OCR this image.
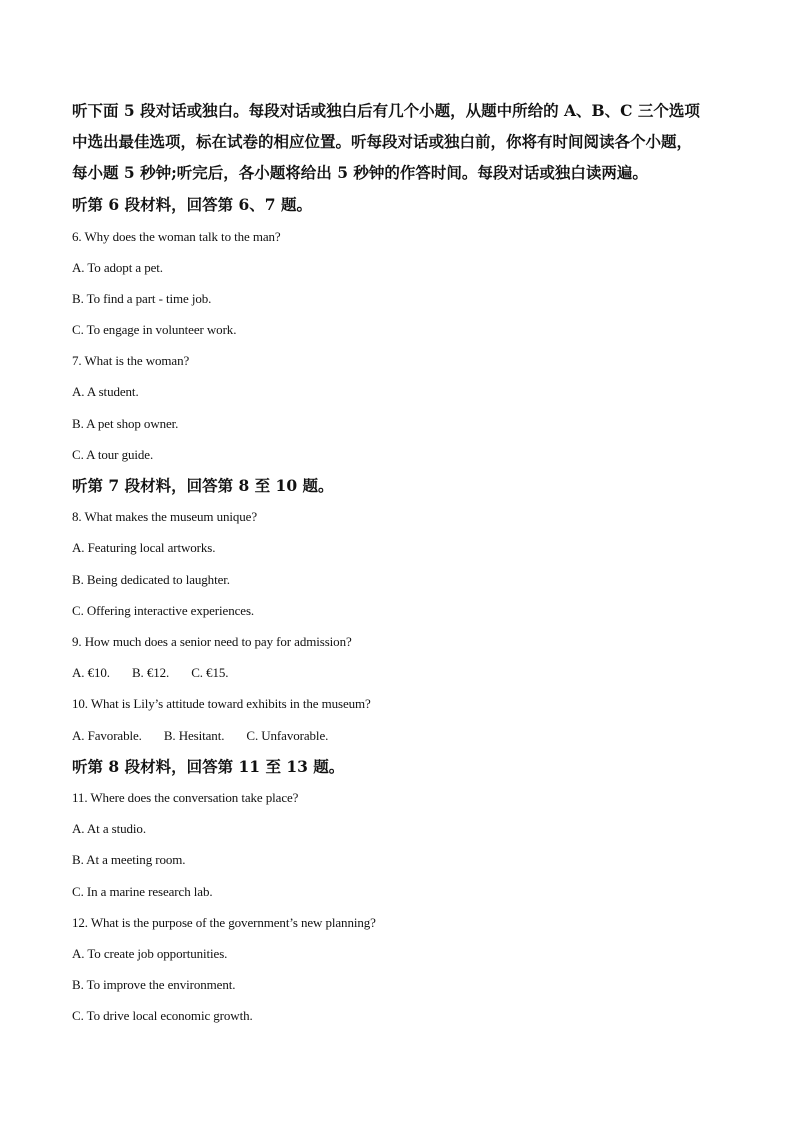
听下面 5 段对话或独白。每段对话或独白后有几个小题，从题中所给的 A、B、C 三个选项
中选出最佳选项，标在试卷的相应位置。听每段对话或独白前，你将有时间阅读各个小题，
每小题 5 秒钟;听完后，各小题将给出 5 秒钟的作答时间。每段对话或独白读两遍。
听第 6 段材料，回答第 6、7 题。
6. Why does the woman talk to the man?
A. To adopt a pet.
B. To find a part - time job.
C. To engage in volunteer work.
7. What is the woman?
A. A student.
B. A pet shop owner.
C. A tour guide.
听第 7 段材料，回答第 8 至 10 题。
8. What makes the museum unique?
A. Featuring local artworks.
B. Being dedicated to laughter.
C. Offering interactive experiences.
9. How much does a senior need to pay for admission?
A. €10. B. €12. C. €15.
10. What is Lily’s attitude toward exhibits in the museum?
A. Favorable. B. Hesitant. C. Unfavorable.
听第 8 段材料，回答第 11 至 13 题。
11. Where does the conversation take place?
A. At a studio.
B. At a meeting room.
C. In a marine research lab.
12. What is the purpose of the government’s new planning?
A. To create job opportunities.
B. To improve the environment.
C. To drive local economic growth.
